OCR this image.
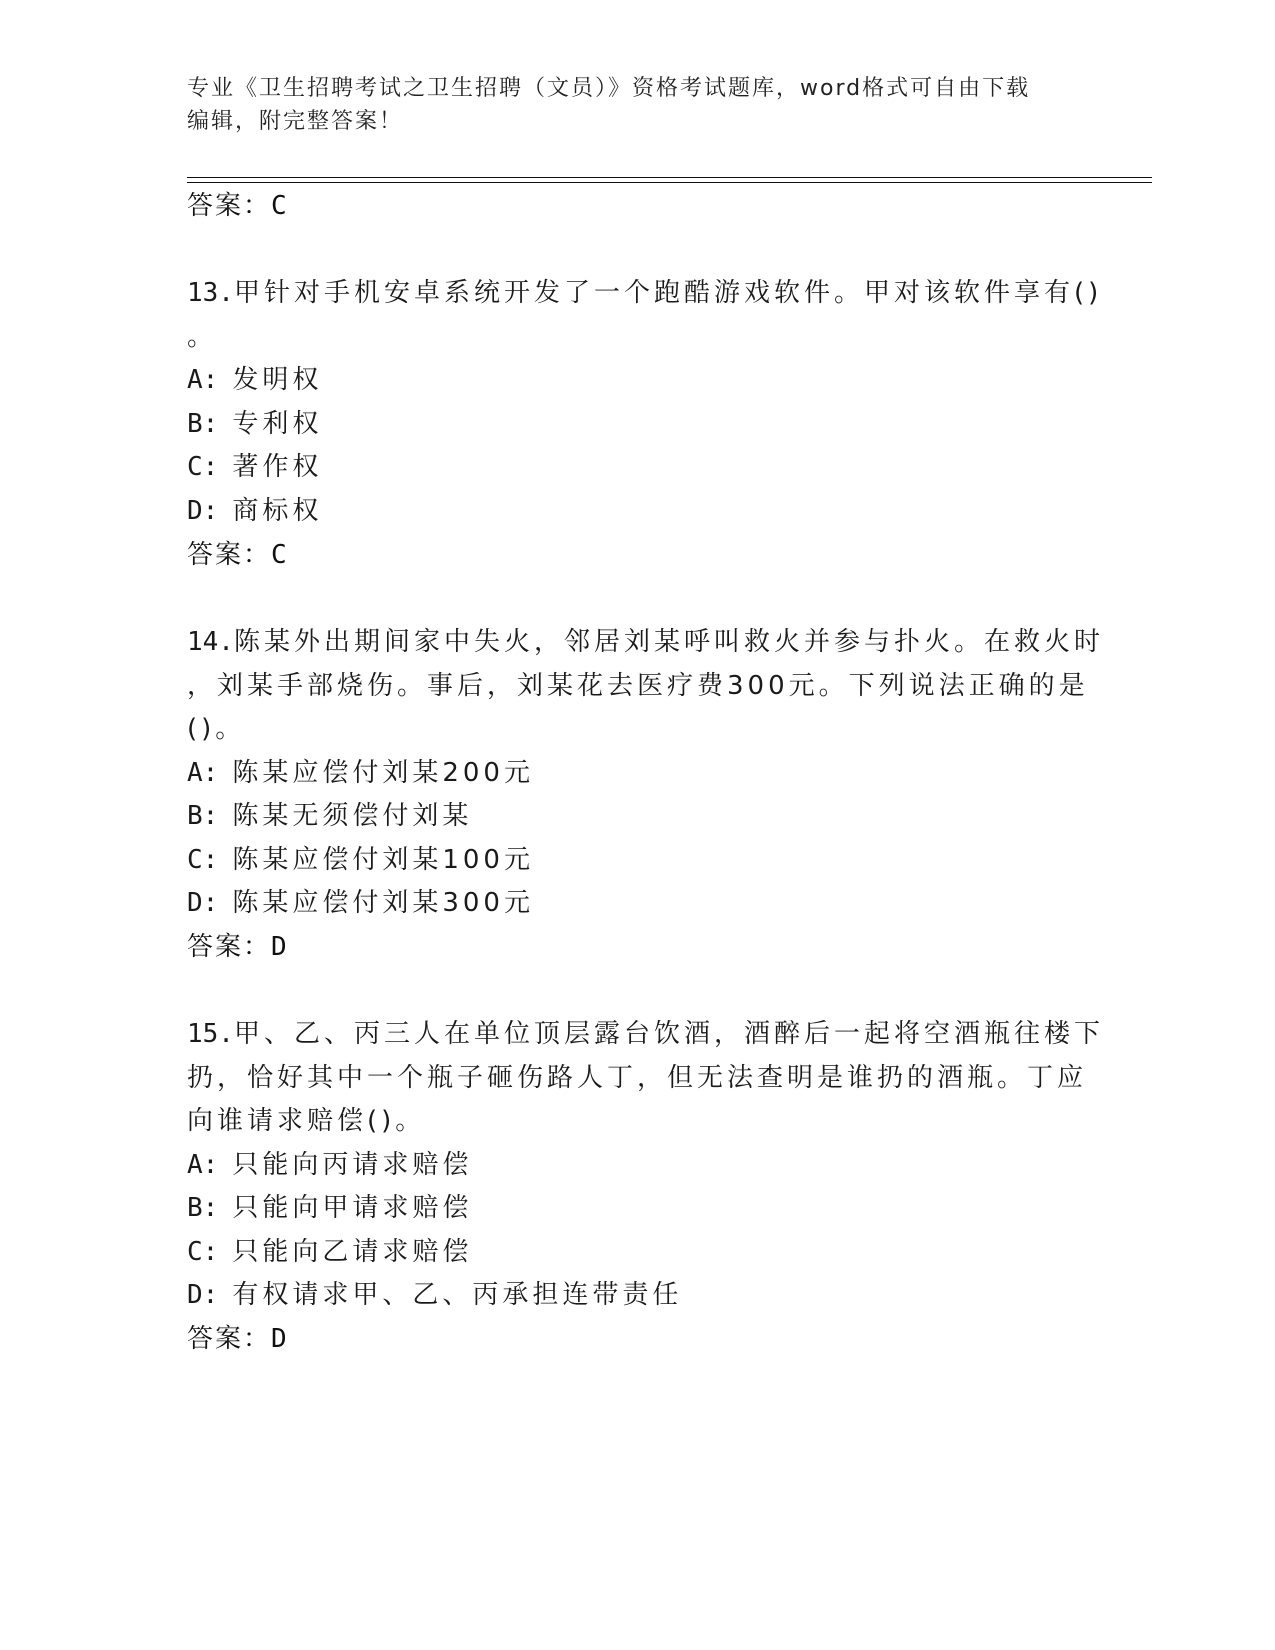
专业《卫生招聘考试之卫生招聘（文员）》资格考试题库，word格式可自由下载
编辑，附完整答案！
答案：C
13.甲针对手机安卓系统开发了一个跑酷游戏软件。甲对该软件享有()
。
A: 发明权
B: 专利权
C: 著作权
D: 商标权
答案：C
14.陈某外出期间家中失火，邻居刘某呼叫救火并参与扑火。在救火时
，刘某手部烧伤。事后，刘某花去医疗费300元。下列说法正确的是
()。
A: 陈某应偿付刘某200元
B: 陈某无须偿付刘某
C: 陈某应偿付刘某100元
D: 陈某应偿付刘某300元
答案：D
15.甲、乙、丙三人在单位顶层露台饮酒，酒醉后一起将空酒瓶往楼下
扔，恰好其中一个瓶子砸伤路人丁，但无法查明是谁扔的酒瓶。丁应
向谁请求赔偿()。
A: 只能向丙请求赔偿
B: 只能向甲请求赔偿
C: 只能向乙请求赔偿
D: 有权请求甲、乙、丙承担连带责任
答案：D
